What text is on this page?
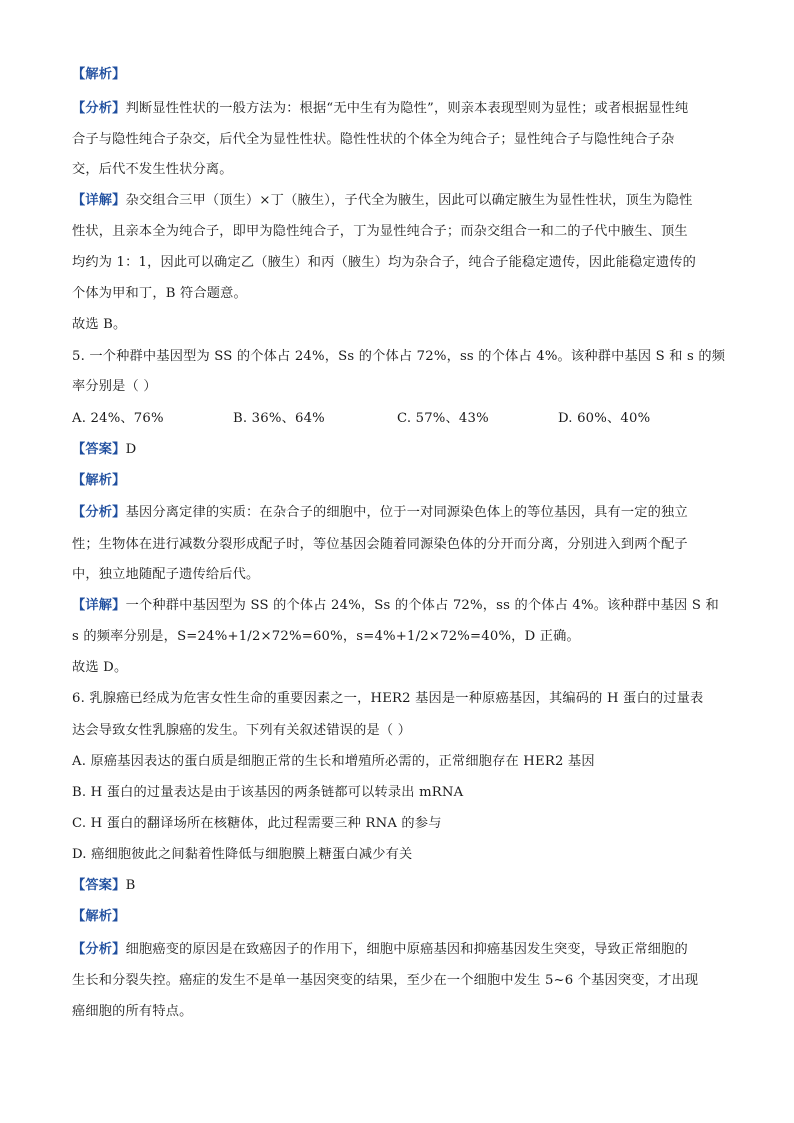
【解析】
【分析】判断显性性状的一般方法为：根据“无中生有为隐性”，则亲本表现型则为显性；或者根据显性纯
合子与隐性纯合子杂交，后代全为显性性状。隐性性状的个体全为纯合子；显性纯合子与隐性纯合子杂
交，后代不发生性状分离。
【详解】杂交组合三甲（顶生）×丁（腋生），子代全为腋生，因此可以确定腋生为显性性状，顶生为隐性
性状，且亲本全为纯合子，即甲为隐性纯合子，丁为显性纯合子；而杂交组合一和二的子代中腋生、顶生
均约为 1：1，因此可以确定乙（腋生）和丙（腋生）均为杂合子，纯合子能稳定遗传，因此能稳定遗传的
个体为甲和丁，B 符合题意。
故选 B。
5. 一个种群中基因型为 SS 的个体占 24%，Ss 的个体占 72%，ss 的个体占 4%。该种群中基因 S 和 s 的频
率分别是（ ）
A. 24%、76%	B. 36%、64%	C. 57%、43%	D. 60%、40%
【答案】D
【解析】
【分析】基因分离定律的实质：在杂合子的细胞中，位于一对同源染色体上的等位基因，具有一定的独立
性；生物体在进行减数分裂形成配子时，等位基因会随着同源染色体的分开而分离，分别进入到两个配子
中，独立地随配子遗传给后代。
【详解】一个种群中基因型为 SS 的个体占 24%，Ss 的个体占 72%，ss 的个体占 4%。该种群中基因 S 和
s 的频率分别是，S=24%+1/2×72%=60%，s=4%+1/2×72%=40%，D 正确。
故选 D。
6. 乳腺癌已经成为危害女性生命的重要因素之一，HER2 基因是一种原癌基因，其编码的 H 蛋白的过量表
达会导致女性乳腺癌的发生。下列有关叙述错误的是（ ）
A. 原癌基因表达的蛋白质是细胞正常的生长和增殖所必需的，正常细胞存在 HER2 基因
B. H 蛋白的过量表达是由于该基因的两条链都可以转录出 mRNA
C. H 蛋白的翻译场所在核糖体，此过程需要三种 RNA 的参与
D. 癌细胞彼此之间黏着性降低与细胞膜上糖蛋白减少有关
【答案】B
【解析】
【分析】细胞癌变的原因是在致癌因子的作用下，细胞中原癌基因和抑癌基因发生突变，导致正常细胞的
生长和分裂失控。癌症的发生不是单一基因突变的结果，至少在一个细胞中发生 5~6 个基因突变，才出现
癌细胞的所有特点。
